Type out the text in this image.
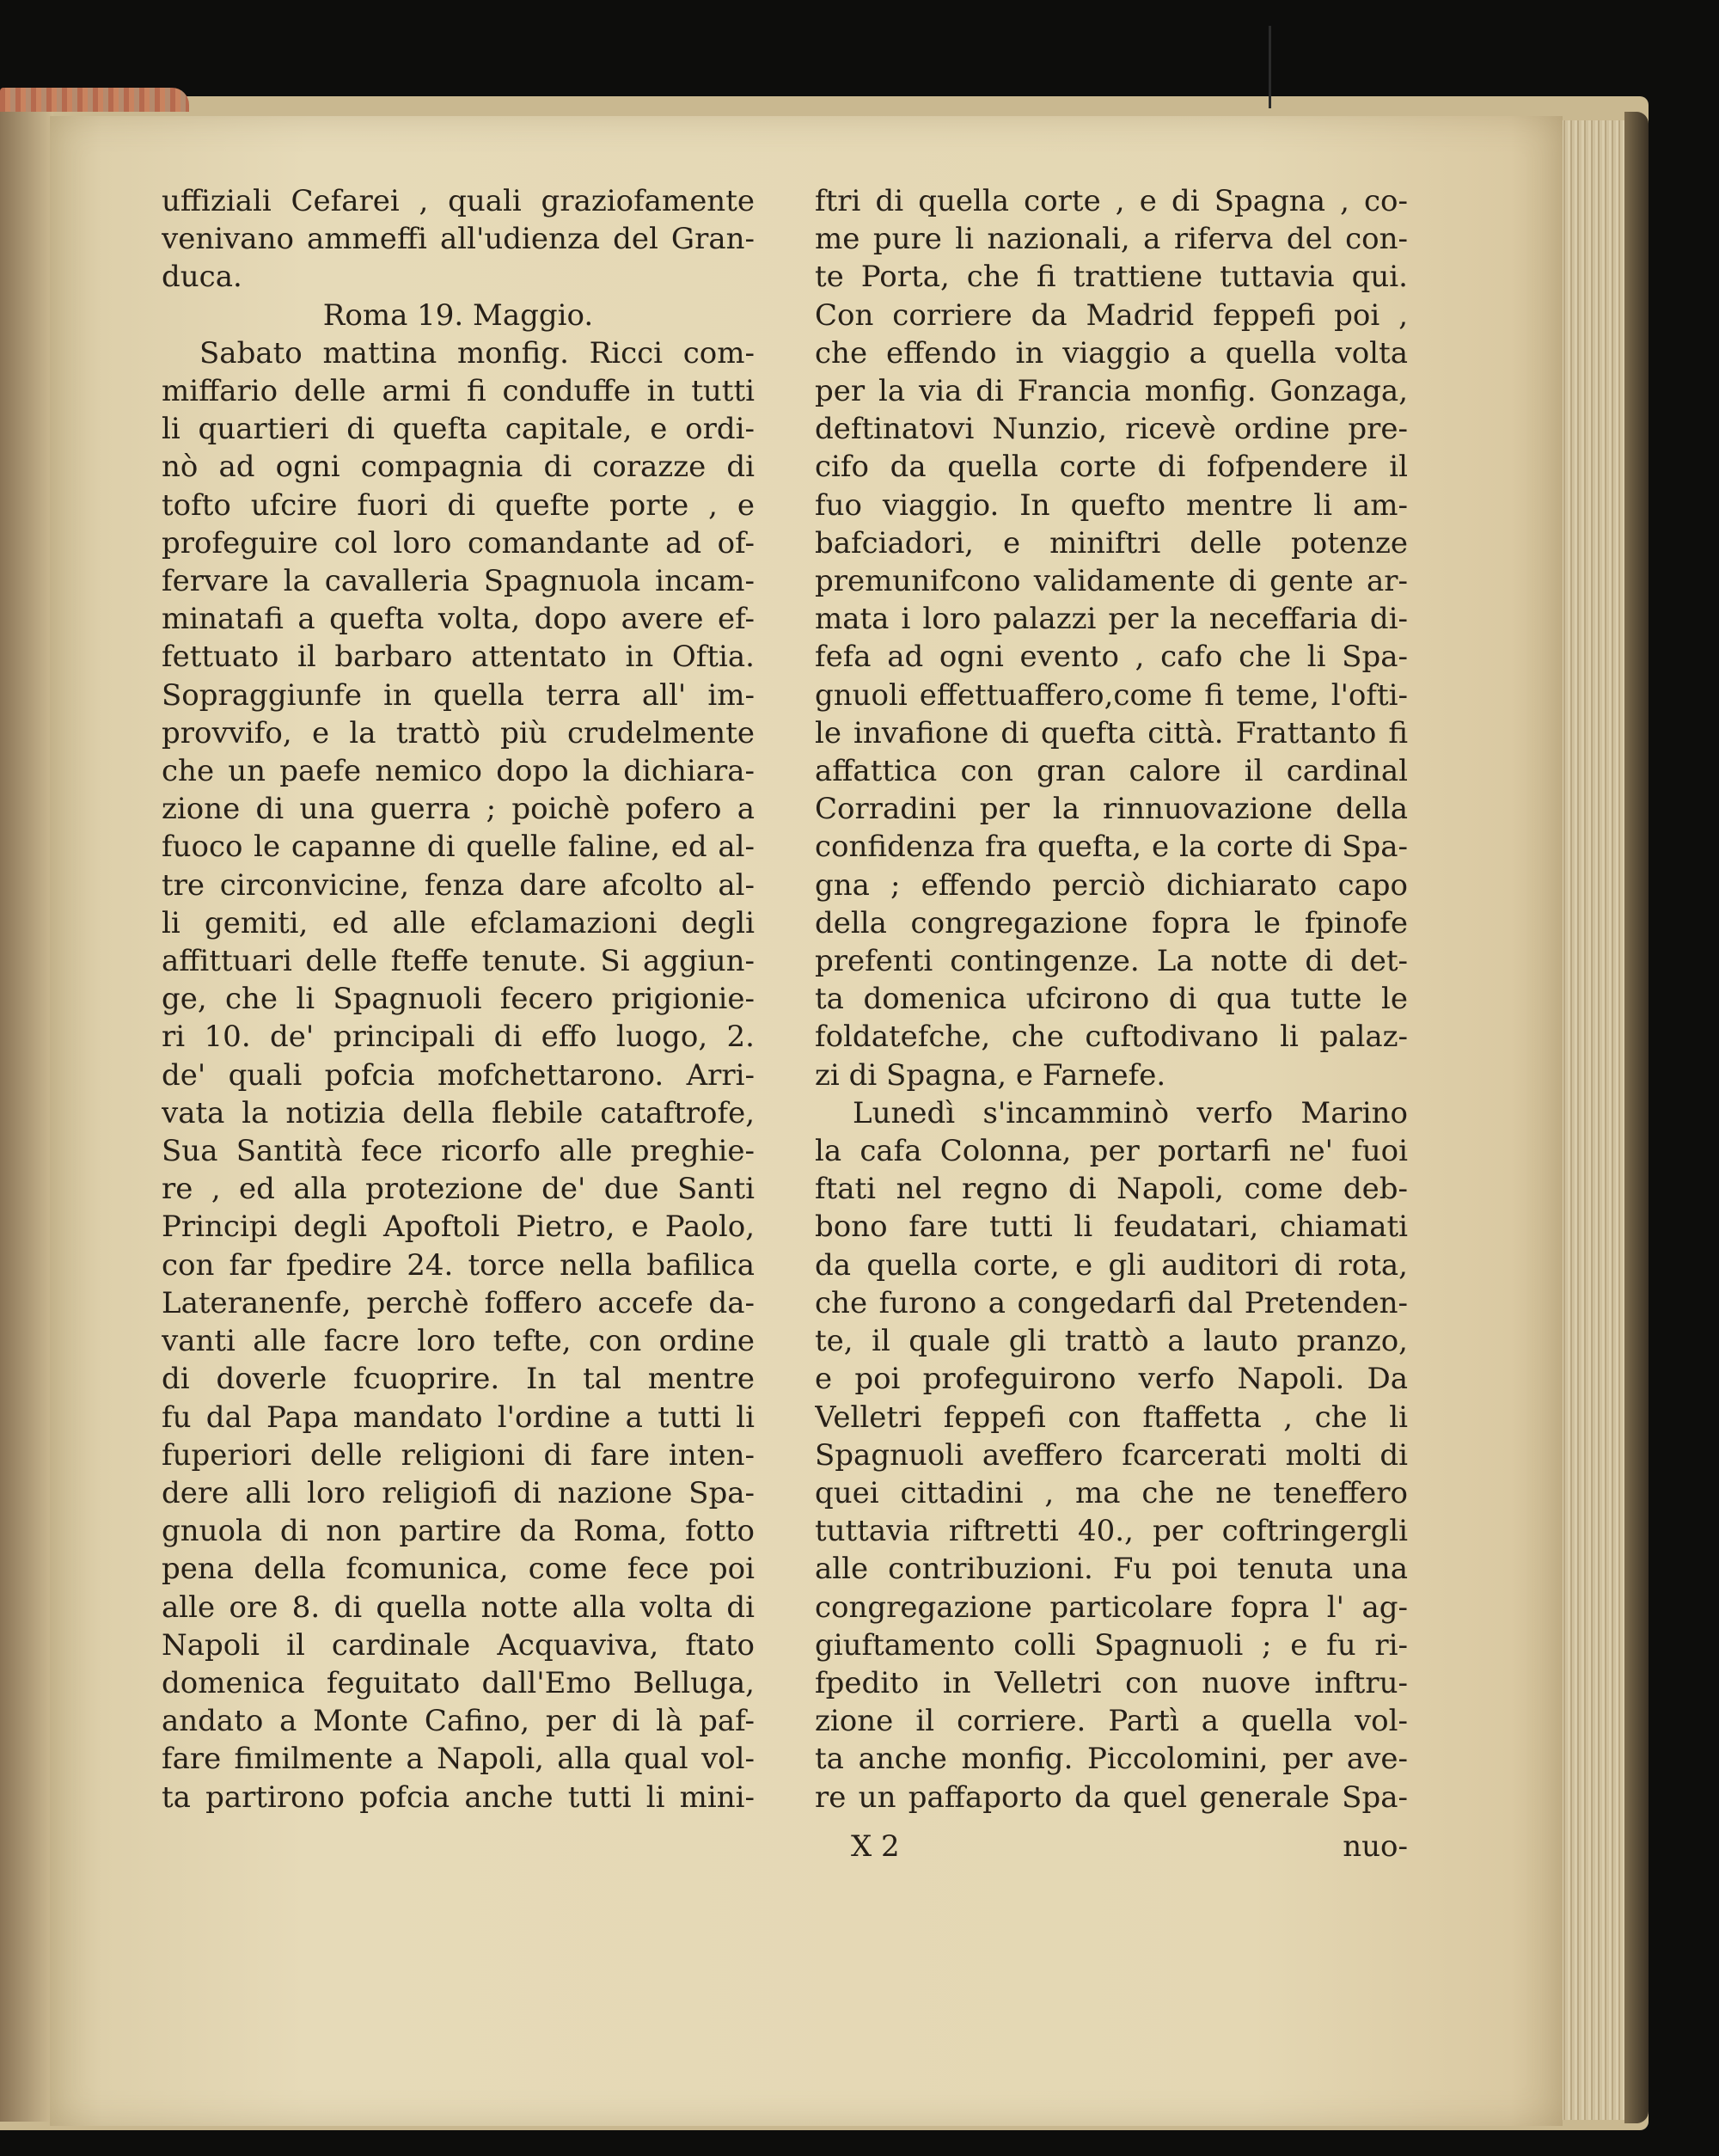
uffiziali Cefarei , quali graziofamente
venivano ammeffi all'udienza del Gran-
duca.
Roma 19. Maggio.
Sabato mattina monfig. Ricci com-
miffario delle armi fi conduffe in tutti
li quartieri di quefta capitale, e ordi-
nò ad ogni compagnia di corazze di
tofto ufcire fuori di quefte porte , e
profeguire col loro comandante ad of-
fervare la cavalleria Spagnuola incam-
minatafi a quefta volta, dopo avere ef-
fettuato il barbaro attentato in Oftia.
Sopraggiunfe in quella terra all' im-
provvifo, e la trattò più crudelmente
che un paefe nemico dopo la dichiara-
zione di una guerra ; poichè pofero a
fuoco le capanne di quelle faline, ed al-
tre circonvicine, fenza dare afcolto al-
li gemiti, ed alle efclamazioni degli
affittuari delle fteffe tenute. Si aggiun-
ge, che li Spagnuoli fecero prigionie-
ri 10. de' principali di effo luogo, 2.
de' quali pofcia mofchettarono. Arri-
vata la notizia della flebile cataftrofe,
Sua Santità fece ricorfo alle preghie-
re , ed alla protezione de' due Santi
Principi degli Apoftoli Pietro, e Paolo,
con far fpedire 24. torce nella bafilica
Lateranenfe, perchè foffero accefe da-
vanti alle facre loro tefte, con ordine
di doverle fcuoprire. In tal mentre
fu dal Papa mandato l'ordine a tutti li
fuperiori delle religioni di fare inten-
dere alli loro religiofi di nazione Spa-
gnuola di non partire da Roma, fotto
pena della fcomunica, come fece poi
alle ore 8. di quella notte alla volta di
Napoli il cardinale Acquaviva, ftato
domenica feguitato dall'Emo Belluga,
andato a Monte Cafino, per di là paf-
fare fimilmente a Napoli, alla qual vol-
ta partirono pofcia anche tutti li mini-
ftri di quella corte , e di Spagna , co-
me pure li nazionali, a riferva del con-
te Porta, che fi trattiene tuttavia qui.
Con corriere da Madrid feppefi poi ,
che effendo in viaggio a quella volta
per la via di Francia monfig. Gonzaga,
deftinatovi Nunzio, ricevè ordine pre-
cifo da quella corte di fofpendere il
fuo viaggio. In quefto mentre li am-
bafciadori, e miniftri delle potenze
premunifcono validamente di gente ar-
mata i loro palazzi per la neceffaria di-
fefa ad ogni evento , cafo che li Spa-
gnuoli effettuaffero,come fi teme, l'ofti-
le invafione di quefta città. Frattanto fi
affattica con gran calore il cardinal
Corradini per la rinnuovazione della
confidenza fra quefta, e la corte di Spa-
gna ; effendo perciò dichiarato capo
della congregazione fopra le fpinofe
prefenti contingenze. La notte di det-
ta domenica ufcirono di qua tutte le
foldatefche, che cuftodivano li palaz-
zi di Spagna, e Farnefe.
Lunedì s'incamminò verfo Marino
la cafa Colonna, per portarfi ne' fuoi
ftati nel regno di Napoli, come deb-
bono fare tutti li feudatari, chiamati
da quella corte, e gli auditori di rota,
che furono a congedarfi dal Pretenden-
te, il quale gli trattò a lauto pranzo,
e poi profeguirono verfo Napoli. Da
Velletri feppefi con ftaffetta , che li
Spagnuoli aveffero fcarcerati molti di
quei cittadini , ma che ne teneffero
tuttavia riftretti 40., per coftringergli
alle contribuzioni. Fu poi tenuta una
congregazione particolare fopra l' ag-
giuftamento colli Spagnuoli ; e fu ri-
fpedito in Velletri con nuove inftru-
zione il corriere. Partì a quella vol-
ta anche monfig. Piccolomini, per ave-
re un paffaporto da quel generale Spa-
X 2	nuo-
